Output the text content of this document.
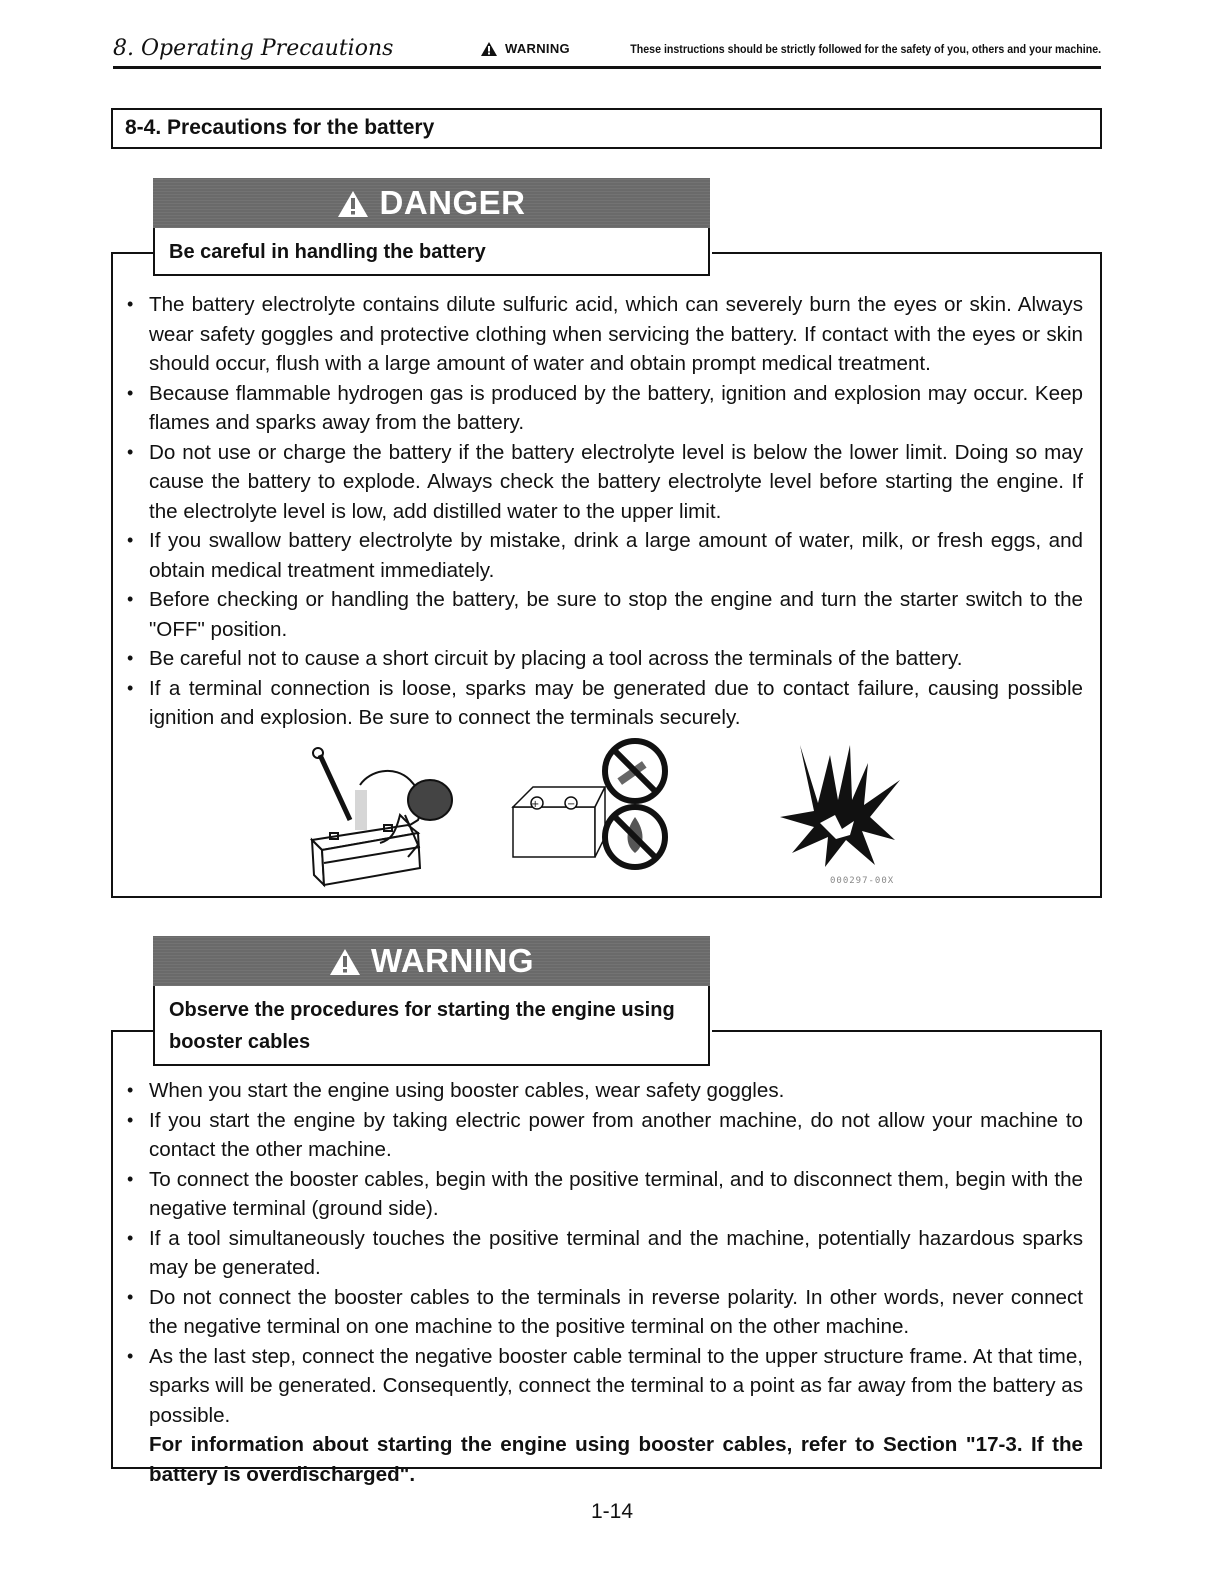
8. Operating Precautions	WARNING	These instructions should be strictly followed for the safety of you, others and your machine.
8-4. Precautions for the battery
• The battery electrolyte contains dilute sulfuric acid, which can severely burn the eyes or skin. Always wear safety goggles and protective clothing when servicing the battery. If contact with the eyes or skin should occur, flush with a large amount of water and obtain prompt medical treatment.
• Because flammable hydrogen gas is produced by the battery, ignition and explosion may occur. Keep flames and sparks away from the battery.
• Do not use or charge the battery if the battery electrolyte level is below the lower limit. Doing so may cause the battery to explode. Always check the battery electrolyte level before starting the engine. If the electrolyte level is low, add distilled water to the upper limit.
• If you swallow battery electrolyte by mistake, drink a large amount of water, milk, or fresh eggs, and obtain medical treatment immediately.
• Before checking or handling the battery, be sure to stop the engine and turn the starter switch to the "OFF" position.
• Be careful not to cause a short circuit by placing a tool across the terminals of the battery.
• If a terminal connection is loose, sparks may be generated due to contact failure, causing possible ignition and explosion. Be sure to connect the terminals securely.
DANGER
Be careful in handling the battery
+	−
000297-00X
• When you start the engine using booster cables, wear safety goggles.
• If you start the engine by taking electric power from another machine, do not allow your machine to contact the other machine.
• To connect the booster cables, begin with the positive terminal, and to disconnect them, begin with the negative terminal (ground side).
• If a tool simultaneously touches the positive terminal and the machine, potentially hazardous sparks may be generated.
• Do not connect the booster cables to the terminals in reverse polarity. In other words, never connect the negative terminal on one machine to the positive terminal on the other machine.
• As the last step, connect the negative booster cable terminal to the upper structure frame. At that time, sparks will be generated. Consequently, connect the terminal to a point as far away from the battery as possible.
For information about starting the engine using booster cables, refer to Section "17-3. If the battery is overdischarged".
WARNING
Observe the procedures for starting the engine using booster cables
1-14
